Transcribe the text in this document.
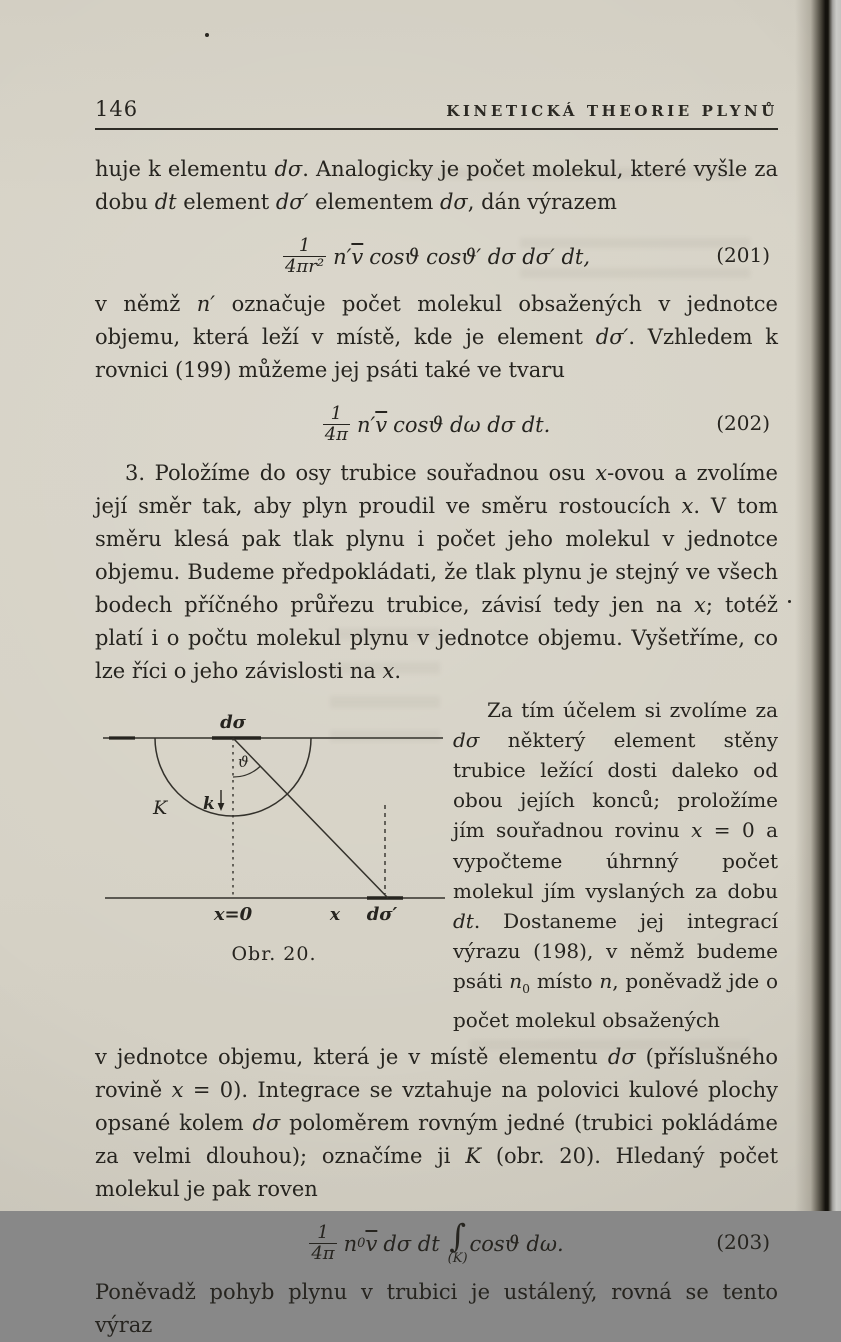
146	KINETICKÁ THEORIE PLYNŮ

huje k elementu dσ. Analogicky je počet molekul, které vyšle za dobu dt element dσ′ elementem dσ, dán výrazem

$\frac{1}{\text{4πr²}} n'$ $\overline{v}$ cosϑ cosϑ′ dσ dσ′ dt,	(201)

v němž n′ označuje počet molekul obsažených v jednotce objemu, která leží v místě, kde je element dσ′. Vzhledem k rovnici (199) můžeme jej psáti také ve tvaru

$\frac{1}{4\pi} n'$ $\overline{v}$ cosϑ dω dσ dt.	(202)

3. Položíme do osy trubice souřadnou osu x-ovou a zvolíme její směr tak, aby plyn proudil ve směru rostoucích x. V tom směru klesá pak tlak plynu i počet jeho molekul v jednotce objemu. Budeme předpokládati, že tlak plynu je stejný ve všech bodech příčného průřezu trubice, závisí tedy jen na x; totéž platí i o počtu molekul plynu v jednotce objemu. Vyšetříme, co lze říci o jeho závislosti na x.

dσ
ϑ
k
K
x=0	x dσ′
Obr. 20.

Za tím účelem si zvolíme za dσ některý element stěny trubice ležící dosti daleko od obou jejích konců; proložíme jím souřadnou rovinu x = 0 a vypočteme úhrnný počet molekul jím vyslaných za dobu dt. Dostaneme jej integrací výrazu (198), v němž budeme psáti $n_0$ místo n, poněvadž jde o počet molekul obsažených

v jednotce objemu, která je v místě elementu dσ (příslušného rovině x = 0). Integrace se vztahuje na polovici kulové plochy opsané kolem dσ poloměrem rovným jedné (trubici pokládáme za velmi dlouhou); označíme ji K (obr. 20). Hledaný počet molekul je pak roven

$\frac{1}{4\pi}$ n 0 $\overline{v}$ dσ dt ∫
(K)
cosϑ dω.	(203)

Poněvadž pohyb plynu v trubici je ustálený, rovná se tento výraz
